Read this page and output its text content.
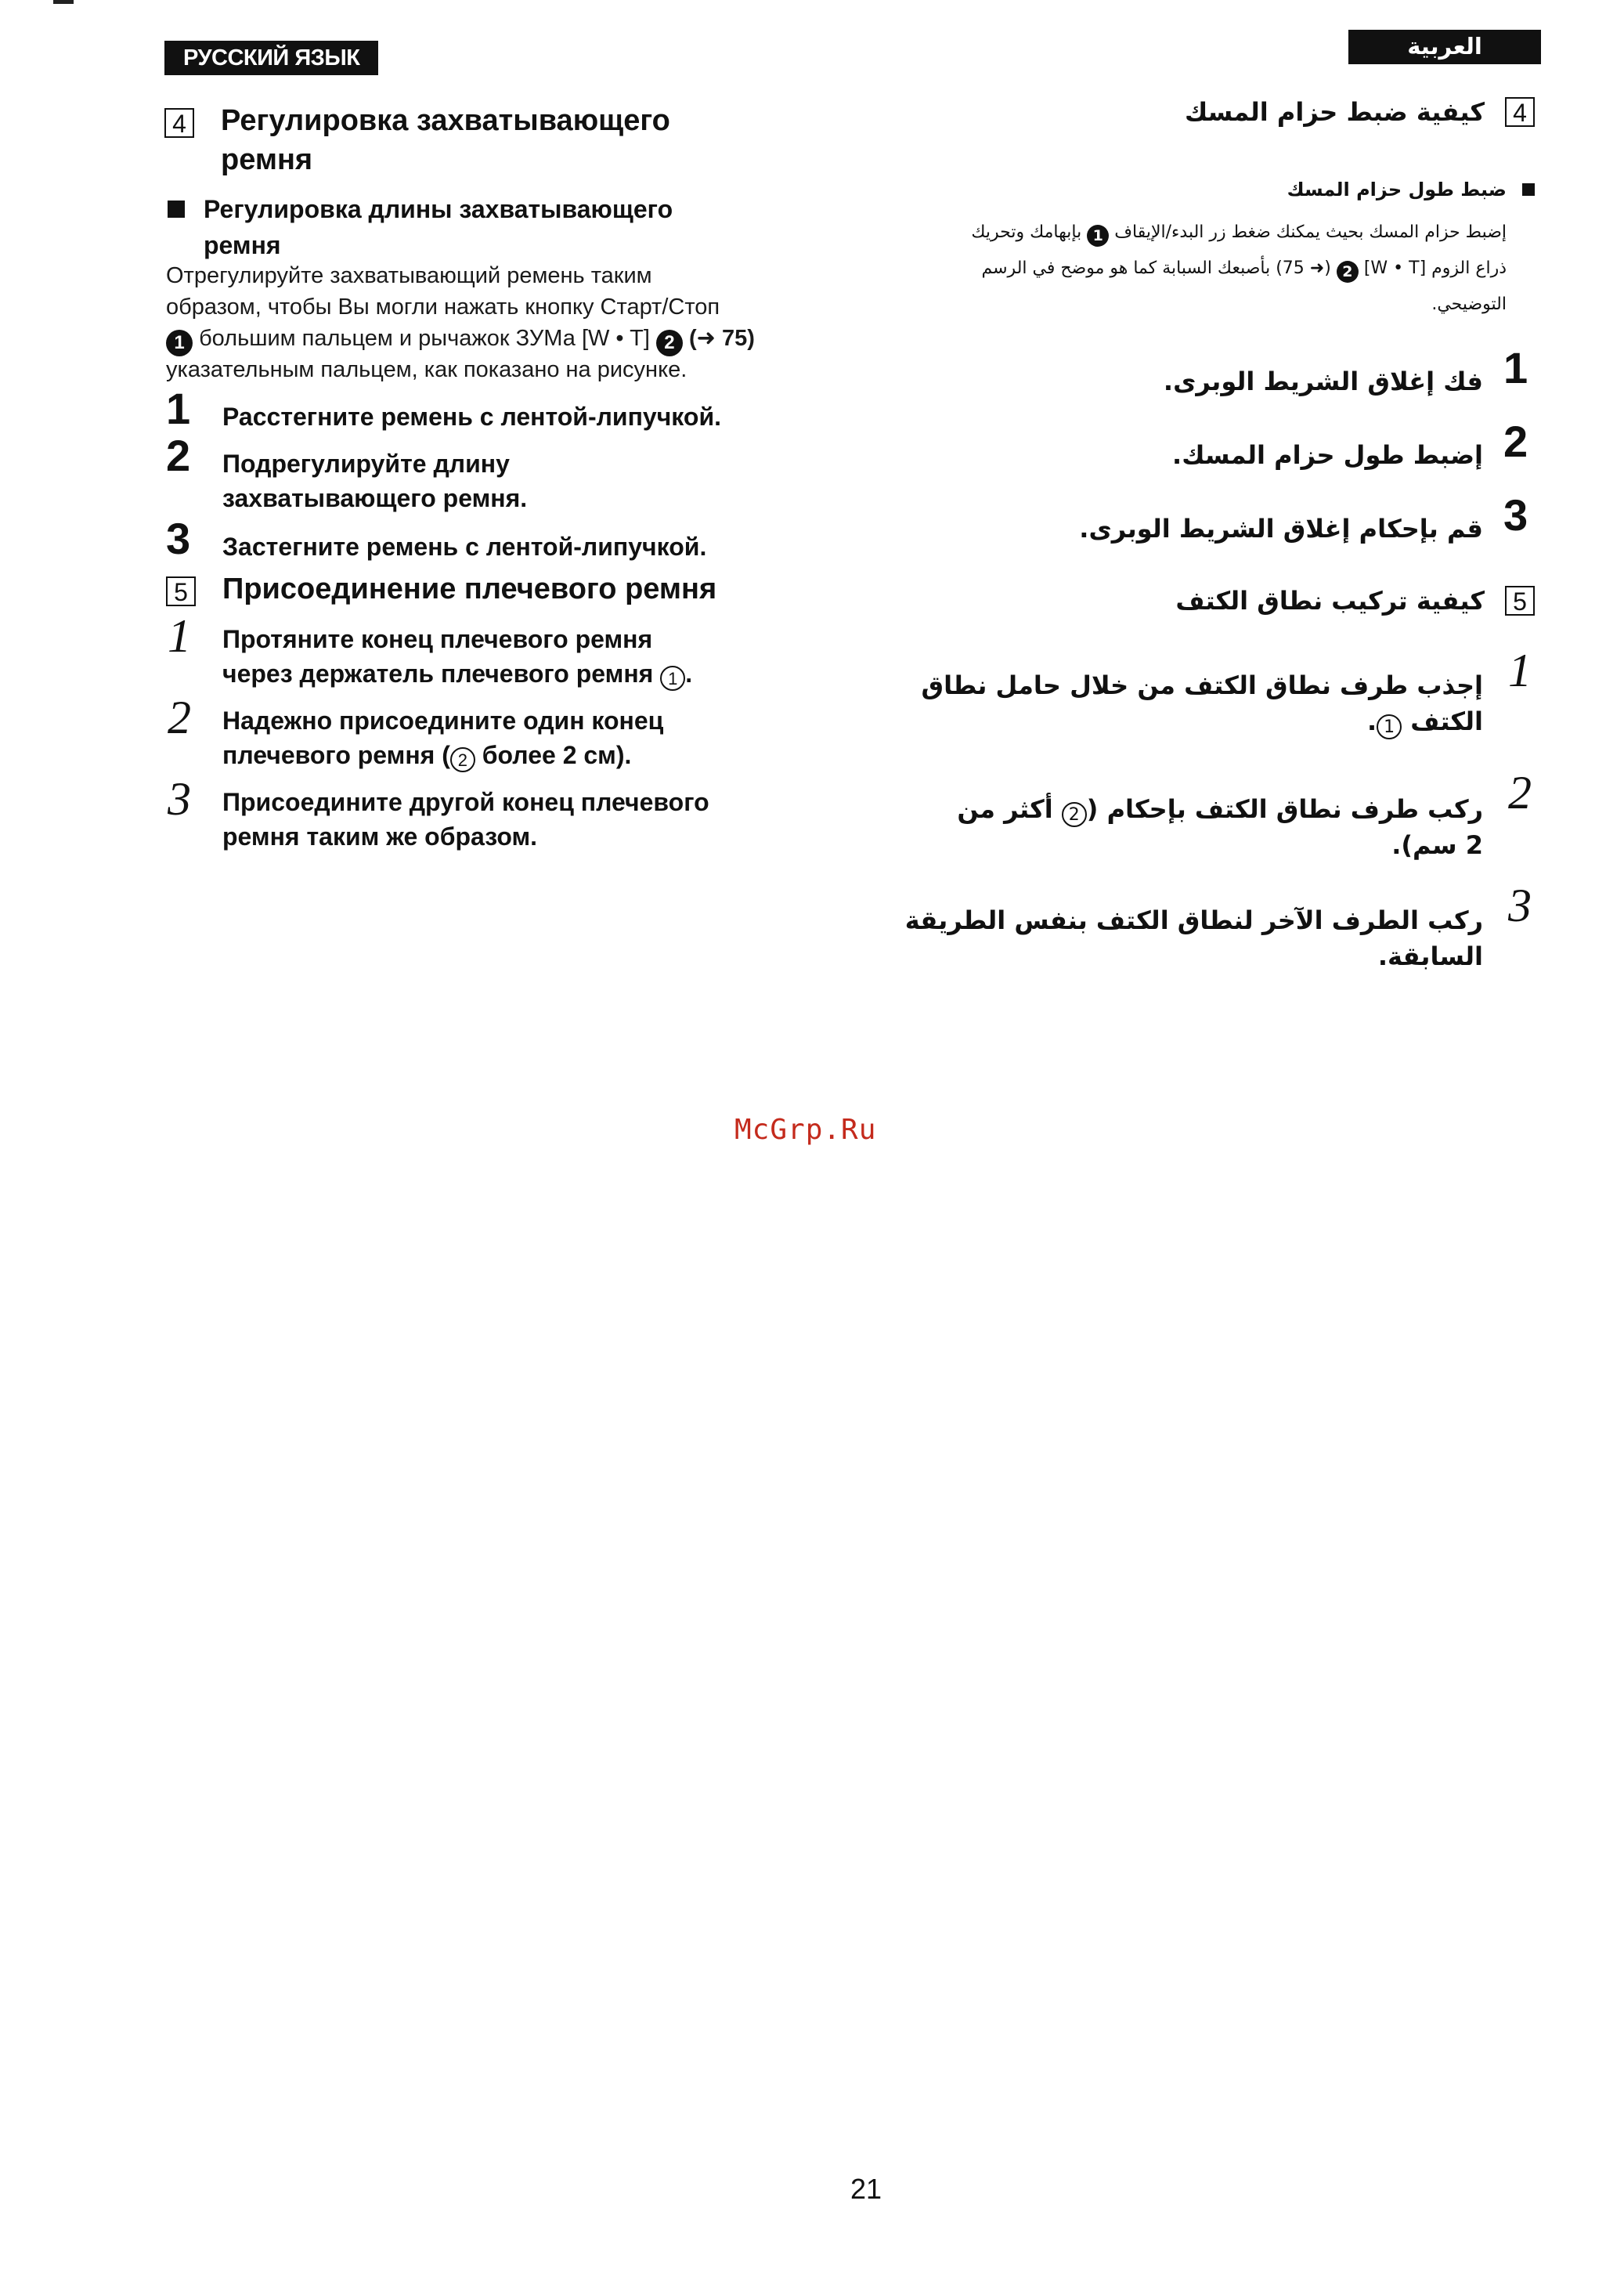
РУССКИЙ ЯЗЫК	العربية
4 Регулировка захватывающего
ремня
Регулировка длины захватывающего
ремня
Отрегулируйте захватывающий ремень таким
образом, чтобы Вы могли нажать кнопку Старт/Стоп
1 большим пальцем и рычажок ЗУМа [W • T] 2 (➜ 75)
указательным пальцем, как показано на рисунке.
1 Расстегните ремень с лентой-липучкой.
2 Подрегулируйте длину
захватывающего ремня.
3 Застегните ремень с лентой-липучкой.
5 Присоединение плечевого ремня
1 Протяните конец плечевого ремня
через держатель плечевого ремня 1 .
2 Надежно присоедините один конец
плечевого ремня ( 2 более 2 см).
3 Присоедините другой конец плечевого
ремня таким же образом.
4
كيفية ضبط حزام المسك
ضبط طول حزام المسك
إضبط حزام المسك بحيث يمكنك ضغط زر البدء/الإيقاف 1 بإبهامك وتحريك
ذراع الزوم [W • T] 2 (➜ 75) بأصبعك السبابة كما هو موضح في الرسم
التوضيحي.
1
فك إغلاق الشريط الوبرى.
2
إضبط طول حزام المسك.
3
قم بإحكام إغلاق الشريط الوبرى.
5
كيفية تركيب نطاق الكتف
1
إجذب طرف نطاق الكتف من خلال حامل نطاق
الكتف 1.
2
ركب طرف نطاق الكتف بإحكام (2 أكثر من
2 سم).
3
ركب الطرف الآخر لنطاق الكتف بنفس الطريقة
السابقة.
McGrp.Ru
21
